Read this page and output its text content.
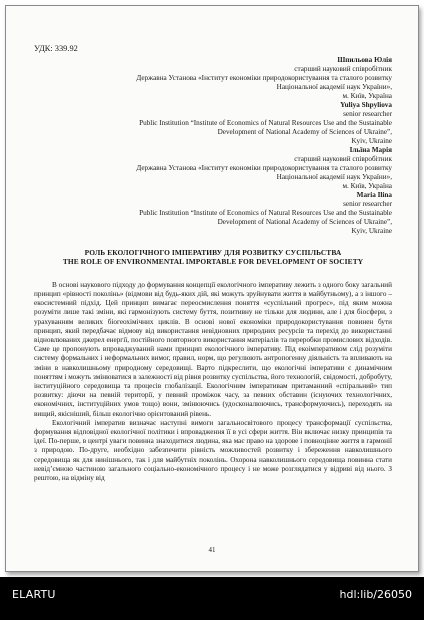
УДК: 339.92
Шпильова Юлія
старший науковий співробітник
Державна Установа «Інститут економіки природокористування та сталого розвитку
Національної академії наук України»,
м. Київ, Україна
Yuliya Shpyliova
senior researcher
Public Institution “Institute of Economics of Natural Resources Use and the Sustainable
Development of National Academy of Sciences of Ukraine”,
Kyiv, Ukraine
Ільїна Марія
старший науковий співробітник
Державна Установа «Інститут економіки природокористування та сталого розвитку
Національної академії наук України»,
м. Київ, Україна
Maria Ilina
senior researcher
Public Institution “Institute of Economics of Natural Resources Use and the Sustainable
Development of National Academy of Sciences of Ukraine”,
Kyiv, Ukraine
РОЛЬ ЕКОЛОГІЧНОГО ІМПЕРАТИВУ ДЛЯ РОЗВИТКУ СУСПІЛЬСТВА
THE ROLE OF ENVIRONMENTAL IMPORTABLE FOR DEVELOPMENT OF SOCIETY

В основі наукового підходу до формування концепції екологічного імперативу лежить з одного боку загальний принцип «рівності поколінь» (відмови від будь-яких дій, які можуть зруйнувати життя в майбутньому), а з іншого – екосистемний підхід. Цей принцип вимагає переосмислення поняття «суспільний прогрес», під яким можна розуміти лише такі зміни, які гармонізують систему буття, позитивну не тільки для людини, але і для біосфери, з урахуванням великих біогеохімічних циклів. В основі нової економіки природокористування повинен бути принцип, який передбачає відмову від використання невідновних природних ресурсів та перехід до використанні відновлюваних джерел енергії, постійного повторного використання матеріалів та переробки промислових відходів. Саме це пропонують впроваджуваний нами принцип екологічного імперативу. Під екоімперативом слід розуміти систему формальних і неформальних вимог, правил, норм, що регулюють антропогенну діяльність та впливають на зміни в навколишньому природному середовищі. Варто підкреслити, що екологічні імперативи є динамічним поняттям і можуть змінюватися в залежності від рівня розвитку суспільства, його технологій, свідомості, добробуту, інституційного середовища та процесів глобалізації. Екологічним імперативам притаманний «спіральний» тип розвитку: діючи на певній території, у певний проміжок часу, за певних обставин (існуючих технологічних, економічних, інституційних умов тощо) вони, змінюючись (удосконалюючись, трансформуючись), переходять на вищий, якісніший, більш екологічно орієнтований рівень.

Екологічний імператив визначає наступні вимоги загальносвітового процесу трансформації суспільства, формування відповідної екологічної політики і впровадження її в усі сфери життя. Він включає низку принципів та ідеї. По-перше, в центрі уваги повинна знаходитися людина, яка має право на здорове і повноцінне життя в гармонії з природою. По-друге, необхідно забезпечити рівність можливостей розвитку і збереження навколишнього середовища як для нинішнього, так і для майбутніх поколінь. Охорона навколишнього середовища повинна стати невід’ємною частиною загального соціально-економічного процесу і не може розглядатися у відриві від нього. З рештою, на відміну від

41
ELARTU	hdl:lib/26050
